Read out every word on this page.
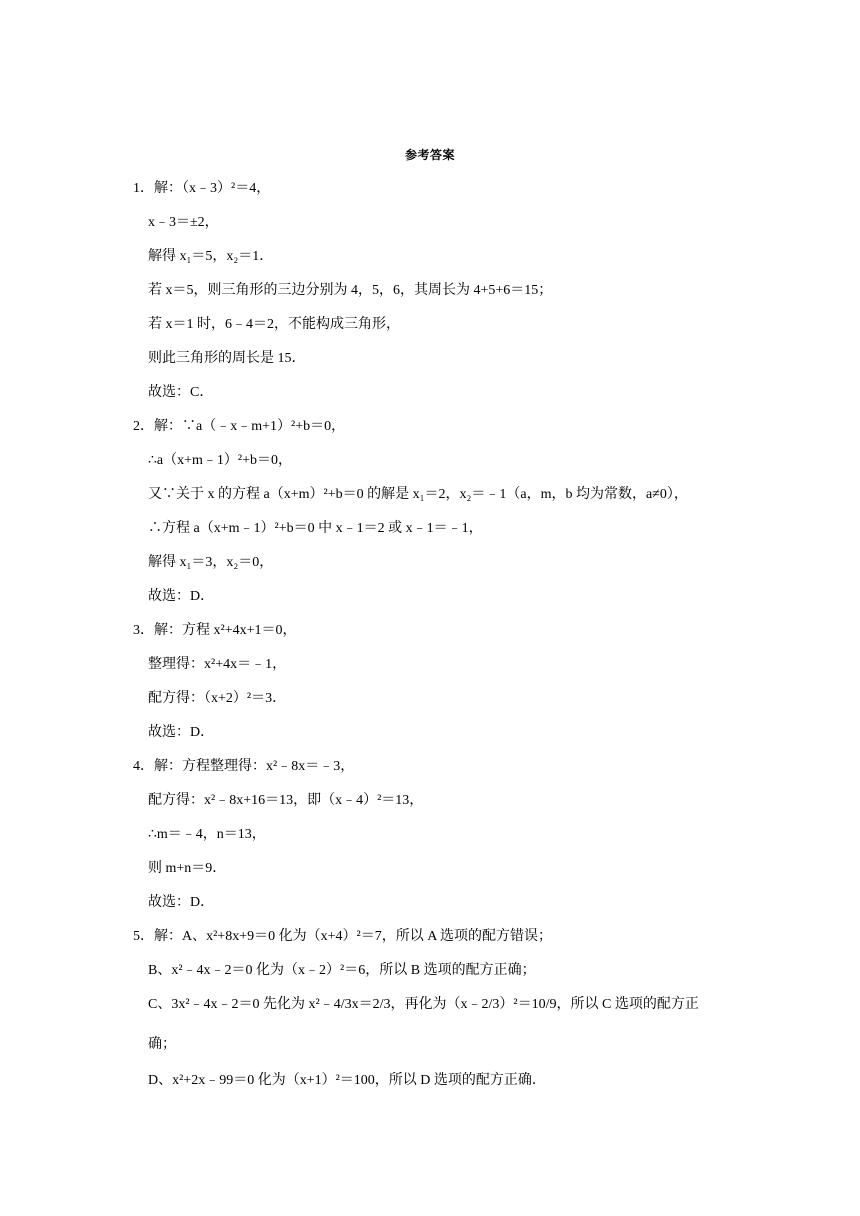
参考答案
1．解：（x﹣3）²＝4，
x﹣3＝±2，
解得 x₁＝5，x₂＝1．
若 x＝5，则三角形的三边分别为 4，5，6，其周长为 4+5+6＝15；
若 x＝1 时，6﹣4＝2，不能构成三角形，
则此三角形的周长是 15．
故选：C．
2．解：∵a（﹣x﹣m+1）²+b＝0，
∴a（x+m﹣1）²+b＝0，
又∵关于 x 的方程 a（x+m）²+b＝0 的解是 x₁＝2，x₂＝﹣1（a，m，b 均为常数，a≠0），
∴方程 a（x+m﹣1）²+b＝0 中 x﹣1＝2 或 x﹣1＝﹣1，
解得 x₁＝3，x₂＝0，
故选：D．
3．解：方程 x²+4x+1＝0，
整理得：x²+4x＝﹣1，
配方得：（x+2）²＝3．
故选：D．
4．解：方程整理得：x²﹣8x＝﹣3，
配方得：x²﹣8x+16＝13，即（x﹣4）²＝13，
∴m＝﹣4，n＝13，
则 m+n＝9．
故选：D．
5．解：A、x²+8x+9＝0 化为（x+4）²＝7，所以 A 选项的配方错误；
B、x²﹣4x﹣2＝0 化为（x﹣2）²＝6，所以 B 选项的配方正确；
C、3x²﹣4x﹣2＝0 先化为 x²﹣4/3x＝2/3，再化为（x﹣2/3）²＝10/9，所以 C 选项的配方正
确；
D、x²+2x﹣99＝0 化为（x+1）²＝100，所以 D 选项的配方正确．
